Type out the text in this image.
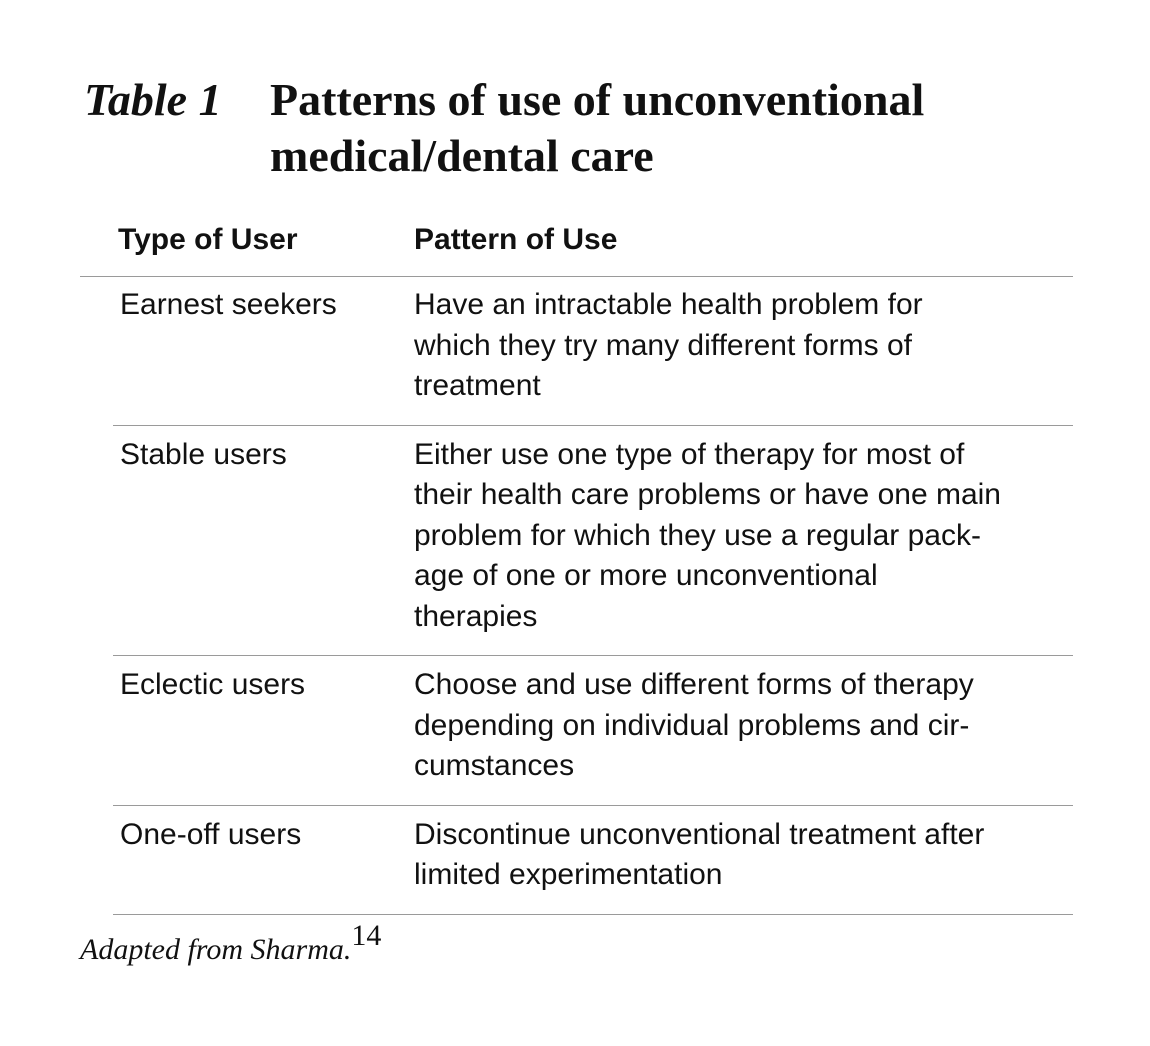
Table 1 Patterns of use of unconventional medical/dental care
Type of User	Pattern of Use
Earnest seekers	Have an intractable health problem for
which they try many different forms of
treatment
Stable users	Either use one type of therapy for most of
their health care problems or have one main
problem for which they use a regular pack-
age of one or more unconventional
therapies
Eclectic users	Choose and use different forms of therapy
depending on individual problems and cir-
cumstances
One-off users	Discontinue unconventional treatment after
limited experimentation
Adapted from Sharma.$^{14}$
